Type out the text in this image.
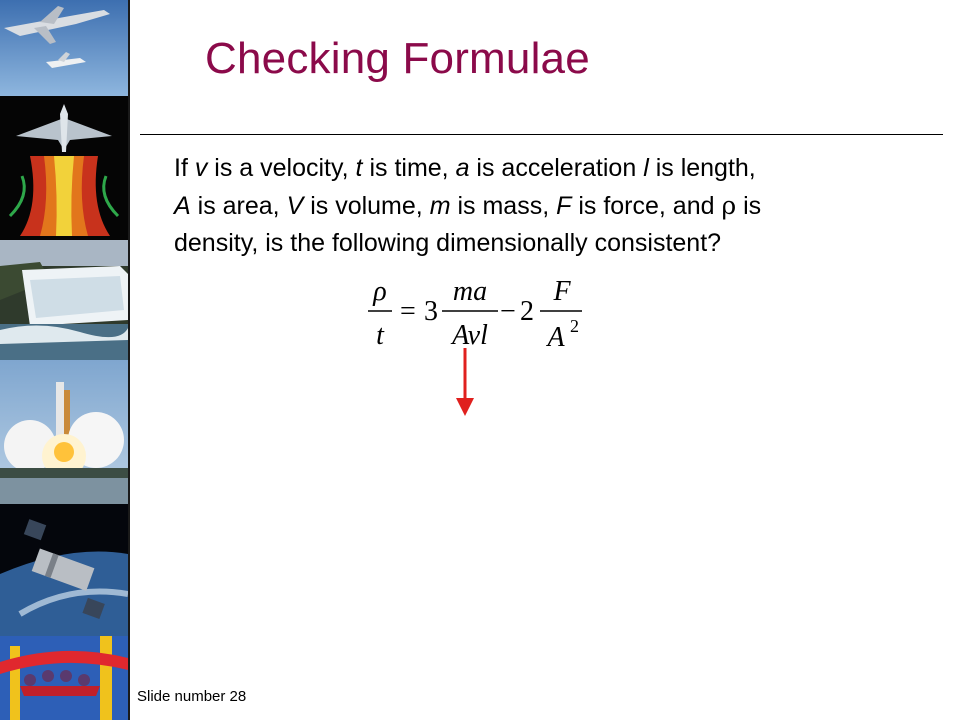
Checking Formulae
If v is a velocity, t is time, a is acceleration l is length,
A is area, V is volume, m is mass, F is force, and ρ is
density, is the following dimensionally consistent?
ρ
t
= 3
ma
Avl
− 2
F
A 2
Slide number 28
